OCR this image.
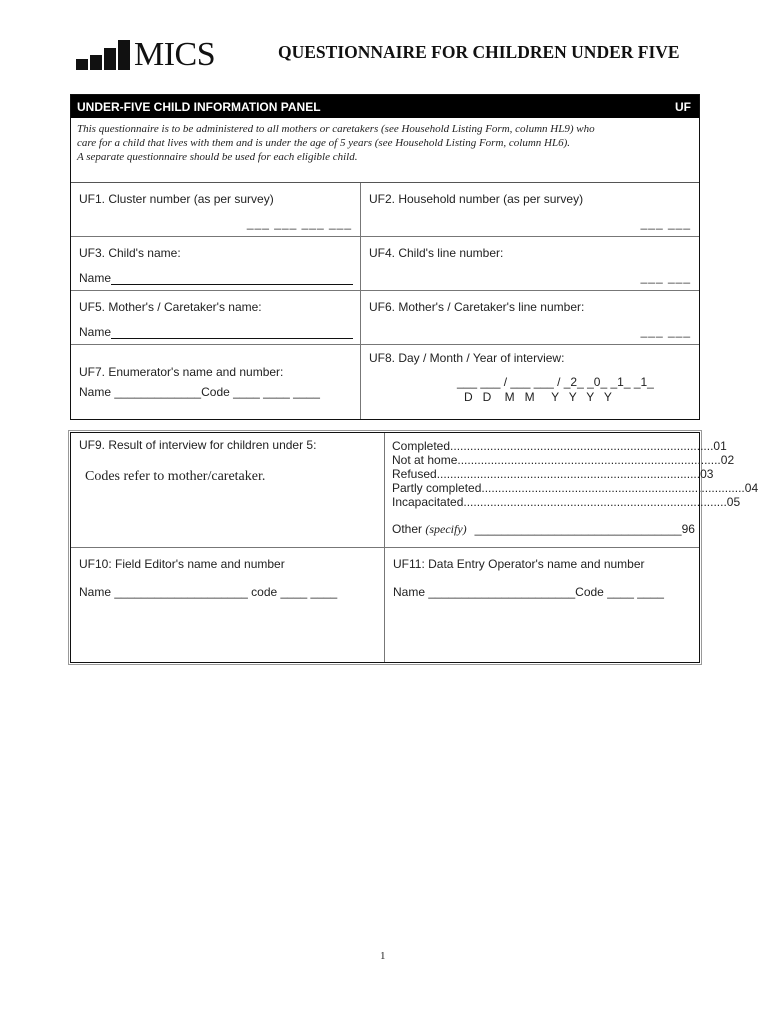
MICS	QUESTIONNAIRE FOR CHILDREN UNDER FIVE
UNDER-FIVE CHILD INFORMATION PANEL	UF
This questionnaire is to be administered to all mothers or caretakers (see Household Listing Form, column HL9) who
care for a child that lives with them and is under the age of 5 years (see Household Listing Form, column HL6).
A separate questionnaire should be used for each eligible child.
UF1. Cluster number (as per survey)
___ ___ ___ ___
UF2. Household number (as per survey)
___ ___
UF3. Child's name:
Name
UF4. Child's line number:
___ ___
UF5. Mother's / Caretaker's name:
Name
UF6. Mother's / Caretaker's line number:
___ ___
UF7. Enumerator's name and number:
Name _____________Code ____ ____ ____
UF8. Day / Month / Year of interview:
___ ___ / ___ ___ / _2_ _0_ _1_ _1_
D   D    M   M     Y   Y   Y   Y
UF9. Result of interview for children under 5:
Codes refer to mother/caretaker.
Completed ............................................................................... 01
Not at home ............................................................................... 02
Refused ............................................................................... 03
Partly completed ............................................................................... 04
Incapacitated ............................................................................... 05
Other
(specify) _______________________________ 96
UF10: Field Editor's name and number
Name ____________________ code ____ ____
UF11: Data Entry Operator's name and number
Name ______________________Code ____ ____
1
